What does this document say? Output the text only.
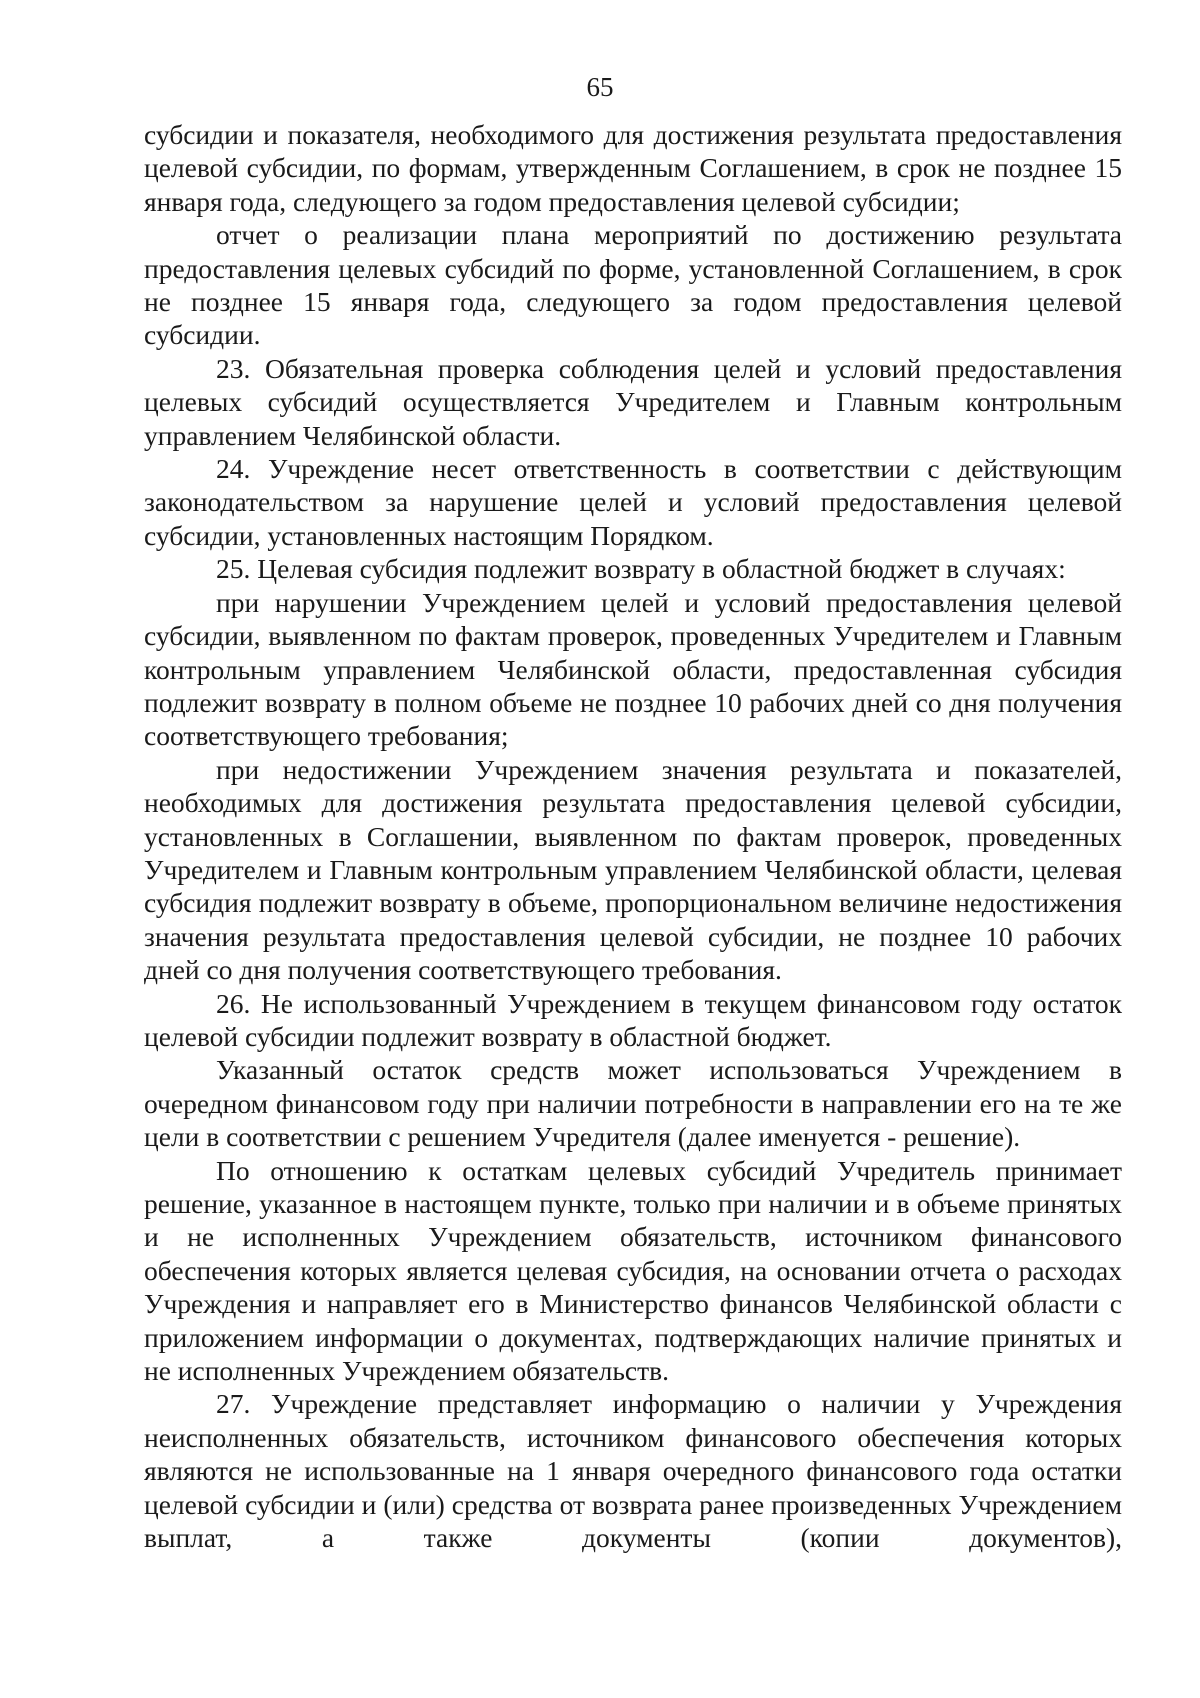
65

субсидии и показателя, необходимого для достижения результата предоставления целевой субсидии, по формам, утвержденным Соглашением, в срок не позднее 15 января года, следующего за годом предоставления целевой субсидии;

отчет о реализации плана мероприятий по достижению результата предоставления целевых субсидий по форме, установленной Соглашением, в срок не позднее 15 января года, следующего за годом предоставления целевой субсидии.

23. Обязательная проверка соблюдения целей и условий предоставления целевых субсидий осуществляется Учредителем и Главным контрольным управлением Челябинской области.

24. Учреждение несет ответственность в соответствии с действующим законодательством за нарушение целей и условий предоставления целевой субсидии, установленных настоящим Порядком.

25. Целевая субсидия подлежит возврату в областной бюджет в случаях:

при нарушении Учреждением целей и условий предоставления целевой субсидии, выявленном по фактам проверок, проведенных Учредителем и Главным контрольным управлением Челябинской области, предоставленная субсидия подлежит возврату в полном объеме не позднее 10 рабочих дней со дня получения соответствующего требования;

при недостижении Учреждением значения результата и показателей, необходимых для достижения результата предоставления целевой субсидии, установленных в Соглашении, выявленном по фактам проверок, проведенных Учредителем и Главным контрольным управлением Челябинской области, целевая субсидия подлежит возврату в объеме, пропорциональном величине недостижения значения результата предоставления целевой субсидии, не позднее 10 рабочих дней со дня получения соответствующего требования.

26. Не использованный Учреждением в текущем финансовом году остаток целевой субсидии подлежит возврату в областной бюджет.

Указанный остаток средств может использоваться Учреждением в очередном финансовом году при наличии потребности в направлении его на те же цели в соответствии с решением Учредителя (далее именуется - решение).

По отношению к остаткам целевых субсидий Учредитель принимает решение, указанное в настоящем пункте, только при наличии и в объеме принятых и не исполненных Учреждением обязательств, источником финансового обеспечения которых является целевая субсидия, на основании отчета о расходах Учреждения и направляет его в Министерство финансов Челябинской области с приложением информации о документах, подтверждающих наличие принятых и не исполненных Учреждением обязательств.

27. Учреждение представляет информацию о наличии у Учреждения неисполненных обязательств, источником финансового обеспечения которых являются не использованные на 1 января очередного финансового года остатки целевой субсидии и (или) средства от возврата ранее произведенных Учреждением выплат, а также документы (копии документов),
